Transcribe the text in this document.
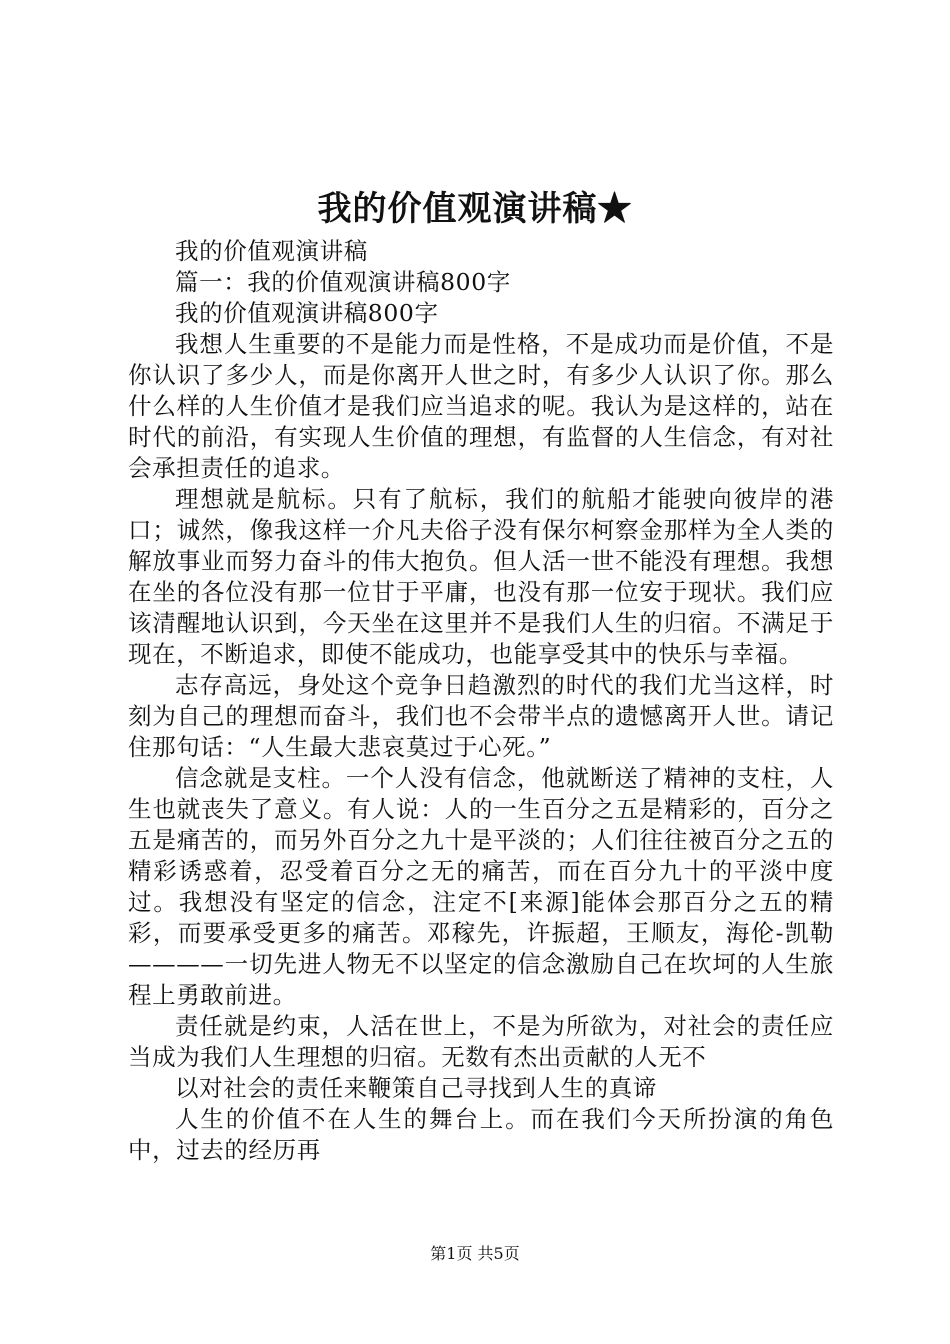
我的价值观演讲稿★

我的价值观演讲稿

篇一：我的价值观演讲稿800字

我的价值观演讲稿800字

我想人生重要的不是能力而是性格，不是成功而是价值，不是你认识了多少人，而是你离开人世之时，有多少人认识了你。那么什么样的人生价值才是我们应当追求的呢。我认为是这样的，站在时代的前沿，有实现人生价值的理想，有监督的人生信念，有对社会承担责任的追求。

理想就是航标。只有了航标，我们的航船才能驶向彼岸的港口；诚然，像我这样一介凡夫俗子没有保尔柯察金那样为全人类的解放事业而努力奋斗的伟大抱负。但人活一世不能没有理想。我想在坐的各位没有那一位甘于平庸，也没有那一位安于现状。我们应该清醒地认识到，今天坐在这里并不是我们人生的归宿。不满足于现在，不断追求，即使不能成功，也能享受其中的快乐与幸福。

志存高远，身处这个竞争日趋激烈的时代的我们尤当这样，时刻为自己的理想而奋斗，我们也不会带半点的遗憾离开人世。请记住那句话：“人生最大悲哀莫过于心死。”

信念就是支柱。一个人没有信念，他就断送了精神的支柱，人生也就丧失了意义。有人说：人的一生百分之五是精彩的，百分之五是痛苦的，而另外百分之九十是平淡的；人们往往被百分之五的精彩诱惑着，忍受着百分之无的痛苦，而在百分九十的平淡中度过。我想没有坚定的信念，注定不[来源]能体会那百分之五的精彩，而要承受更多的痛苦。邓稼先，许振超，王顺友，海伦-凯勒————一切先进人物无不以坚定的信念激励自己在坎坷的人生旅程上勇敢前进。

责任就是约束，人活在世上，不是为所欲为，对社会的责任应当成为我们人生理想的归宿。无数有杰出贡献的人无不

以对社会的责任来鞭策自己寻找到人生的真谛

人生的价值不在人生的舞台上。而在我们今天所扮演的角色中，过去的经历再

第1页 共5页
